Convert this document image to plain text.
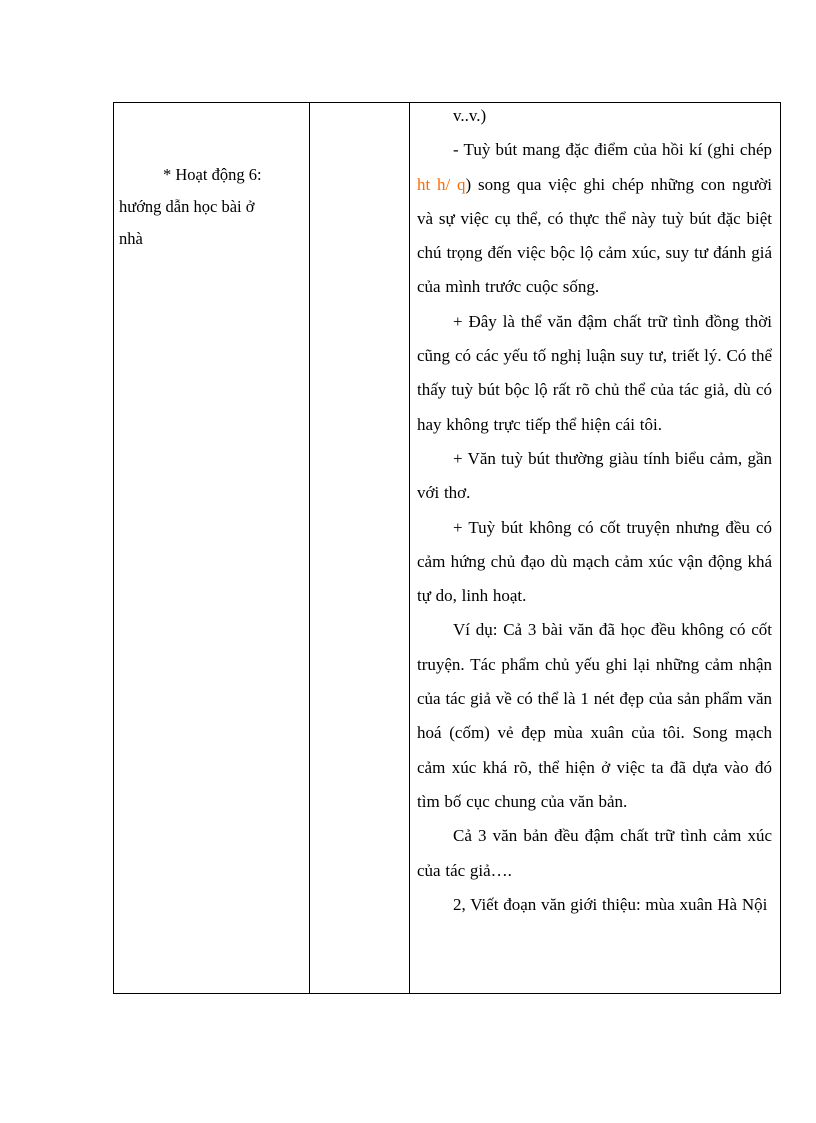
* Hoạt động 6:
hướng dẫn học bài ở
nhà

v..v.)

- Tuỳ bút mang đặc điểm của hồi kí (ghi chép ht h/ q) song qua việc ghi chép những con người và sự việc cụ thể, có thực thể này tuỳ bút đặc biệt chú trọng đến việc bộc lộ cảm xúc, suy tư đánh giá của mình trước cuộc sống.

+ Đây là thể văn đậm chất trữ tình đồng thời cũng có các yếu tố nghị luận suy tư, triết lý. Có thể thấy tuỳ bút bộc lộ rất rõ chủ thể của tác giả, dù có hay không trực tiếp thể hiện cái tôi.

+ Văn tuỳ bút thường giàu tính biểu cảm, gần với thơ.

+ Tuỳ bút không có cốt truyện nhưng đều có cảm hứng chủ đạo dù mạch cảm xúc vận động khá tự do, linh hoạt.

Ví dụ: Cả 3 bài văn đã học đều không có cốt truyện. Tác phẩm chủ yếu ghi lại những cảm nhận của tác giả về có thể là 1 nét đẹp của sản phẩm văn hoá (cốm) vẻ đẹp mùa xuân của tôi. Song mạch cảm xúc khá rõ, thể hiện ở việc ta đã dựa vào đó tìm bố cục chung của văn bản.

Cả 3 văn bản đều đậm chất trữ tình cảm xúc của tác giả….

2, Viết đoạn văn giới thiệu: mùa xuân Hà Nội
